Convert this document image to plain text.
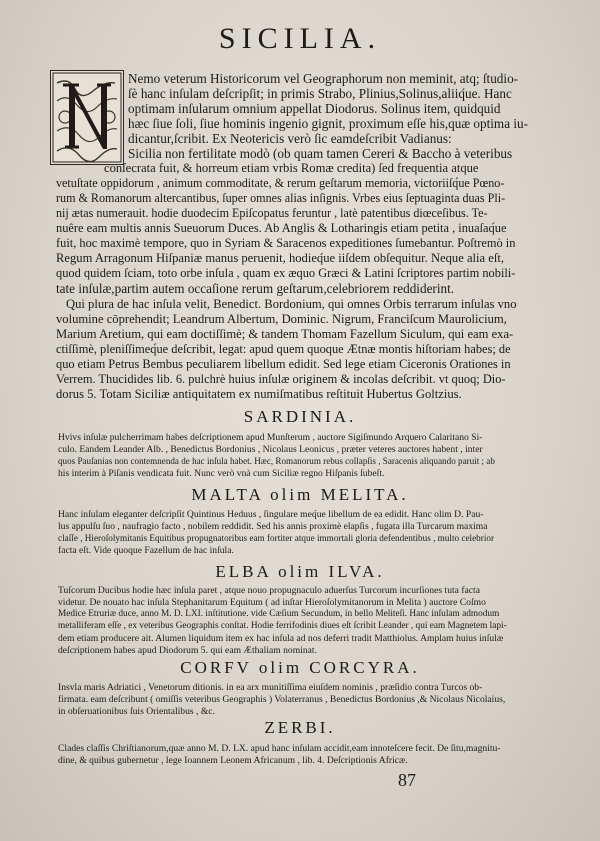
SICILIA.

Nemo veterum Historicorum vel Geographorum non meminit, atq; ſtudio-

ſè hanc inſulam deſcripſit; in primis Strabo, Plinius,Solinus,aliiq́ue. Hanc

optimam inſularum omnium appellat Diodorus. Solinus item, quidquid

hæc ſiue ſoli, ſiue hominis ingenio gignit, proximum eſſe his,quæ optima iu-

dicantur,ſcribit. Ex Neotericis verò ſic eamdeſcribit Vadianus:

Sicilia non fertilitate modò (ob quam tamen Cereri & Baccho à veteribus

conſecrata fuit, & horreum etiam vrbis Romæ credita) ſed frequentia atque

vetuſtate oppidorum , animum commoditate, & rerum geſtarum memoria, victoriiſq́ue Pœno-

rum & Romanorum altercantibus, ſuper omnes alias inſignis. Vrbes eius ſeptuaginta duas Pli-

nij ætas numerauit. hodie duodecim Epiſcopatus feruntur , latè patentibus diœceſibus. Te-

nuêre eam multis annis Sueuorum Duces. Ab Anglis & Lotharingis etiam petita , inuaſaq́ue

fuit, hoc maximè tempore, quo in Syriam & Saracenos expeditiones ſumebantur. Poſtremò in

Regum Arragonum Hiſpaniæ manus peruenit, hodieq́ue iiſdem obſequitur. Neque alia eſt,

quod quidem ſciam, toto orbe inſula , quam ex æquo Græci & Latini ſcriptores partim nobili-

tate inſulæ,partim autem occaſione rerum geſtarum,celebriorem reddiderint.

Qui plura de hac inſula velit, Benedict. Bordonium, qui omnes Orbis terrarum inſulas vno

volumine cōprehendit; Leandrum Albertum, Dominic. Nigrum, Franciſcum Maurolicium,

Marium Aretium, qui eam doctiſſimè; & tandem Thomam Fazellum Siculum, qui eam exa-

ctiſſimè, pleniſſimeq́ue deſcribit, legat: apud quem quoque Ætnæ montis hiſtoriam habes; de

quo etiam Petrus Bembus peculiarem libellum edidit. Sed lege etiam Ciceronis Orationes in

Verrem. Thucidides lib. 6. pulchrè huius inſulæ originem & incolas deſcribit. vt quoq; Dio-

dorus 5. Totam Siciliæ antiquitatem ex numiſmatibus reſtituit Hubertus Goltzius.

SARDINIA.

Hvivs inſulæ pulcherrimam habes deſcriptionem apud Munſterum , auctore Sigiſmundo Arquero Calaritano Si-

culo. Eandem Leander Alb. , Benedictus Bordonius , Nicolaus Leonicus , præter veteres auctores habent , inter

quos Pauſanias non contemnenda de hac inſula habet. Hæc, Romanorum rebus collapſis , Saracenis aliquando paruit ; ab

his interim à Piſanis vendicata fuit. Nunc verò vnà cum Siciliæ regno Hiſpanis ſubeſt.

MALTA olim MELITA.

Hanc inſulam eleganter deſcripſit Quintinus Heduus , ſingulare meq́ue libellum de ea edidit. Hanc olim D. Pau-

lus appulſu ſuo , naufragio facto , nobilem reddidit. Sed his annis proximè elapſis , fugata illa Turcarum maxima

claſſe , Hieroſolymitanis Equitibus propugnatoribus eam fortiter atque immortali gloria defendentibus , multo celebrior

facta eſt. Vide quoque Fazellum de hac inſula.

ELBA olim ILVA.

Tuſcorum Ducibus hodie hæc inſula paret , atque nouo propugnaculo aduerſus Turcorum incurſiones tuta facta

videtur. De nouato hac inſula Stephanitarum Equitum ( ad inſtar Hieroſolymitanorum in Melita ) auctore Coſmo

Medice Etruriæ duce, anno M. D. LXI. inſtitutione. vide Cæſium Secundum, in bello Meliteſi. Hanc inſulam admodum

metalliferam eſſe , ex veteribus Geographis conſtat. Hodie ferrifodinis diues eſt ſcribit Leander , qui eam Magnetem lapi-

dem etiam producere ait. Alumen liquidum item ex hac inſula ad nos deferri tradit Matthiolus. Amplam huius inſulæ

deſcriptionem habes apud Diodorum 5. qui eam Æthaliam nominat.

CORFV olim CORCYRA.

Insvla maris Adriatici , Venetorum ditionis. in ea arx munitiſſima eiuſdem nominis , præſidio contra Turcos ob-

firmata. eam deſcribunt ( omiſſis veteribus Geographis ) Volaterranus , Benedictus Bordonius ,& Nicolaus Nicolaius,

in obſeruationibus ſuis Orientalibus , &c.

ZERBI.

Clades claſſis Chriſtianorum,quæ anno M. D. LX. apud hanc inſulam accidit,eam innoteſcere fecit. De ſitu,magnitu-

dine, & quibus gubernetur , lege Ioannem Leonem Africanum , lib. 4. Deſcriptionis Africæ.

87
